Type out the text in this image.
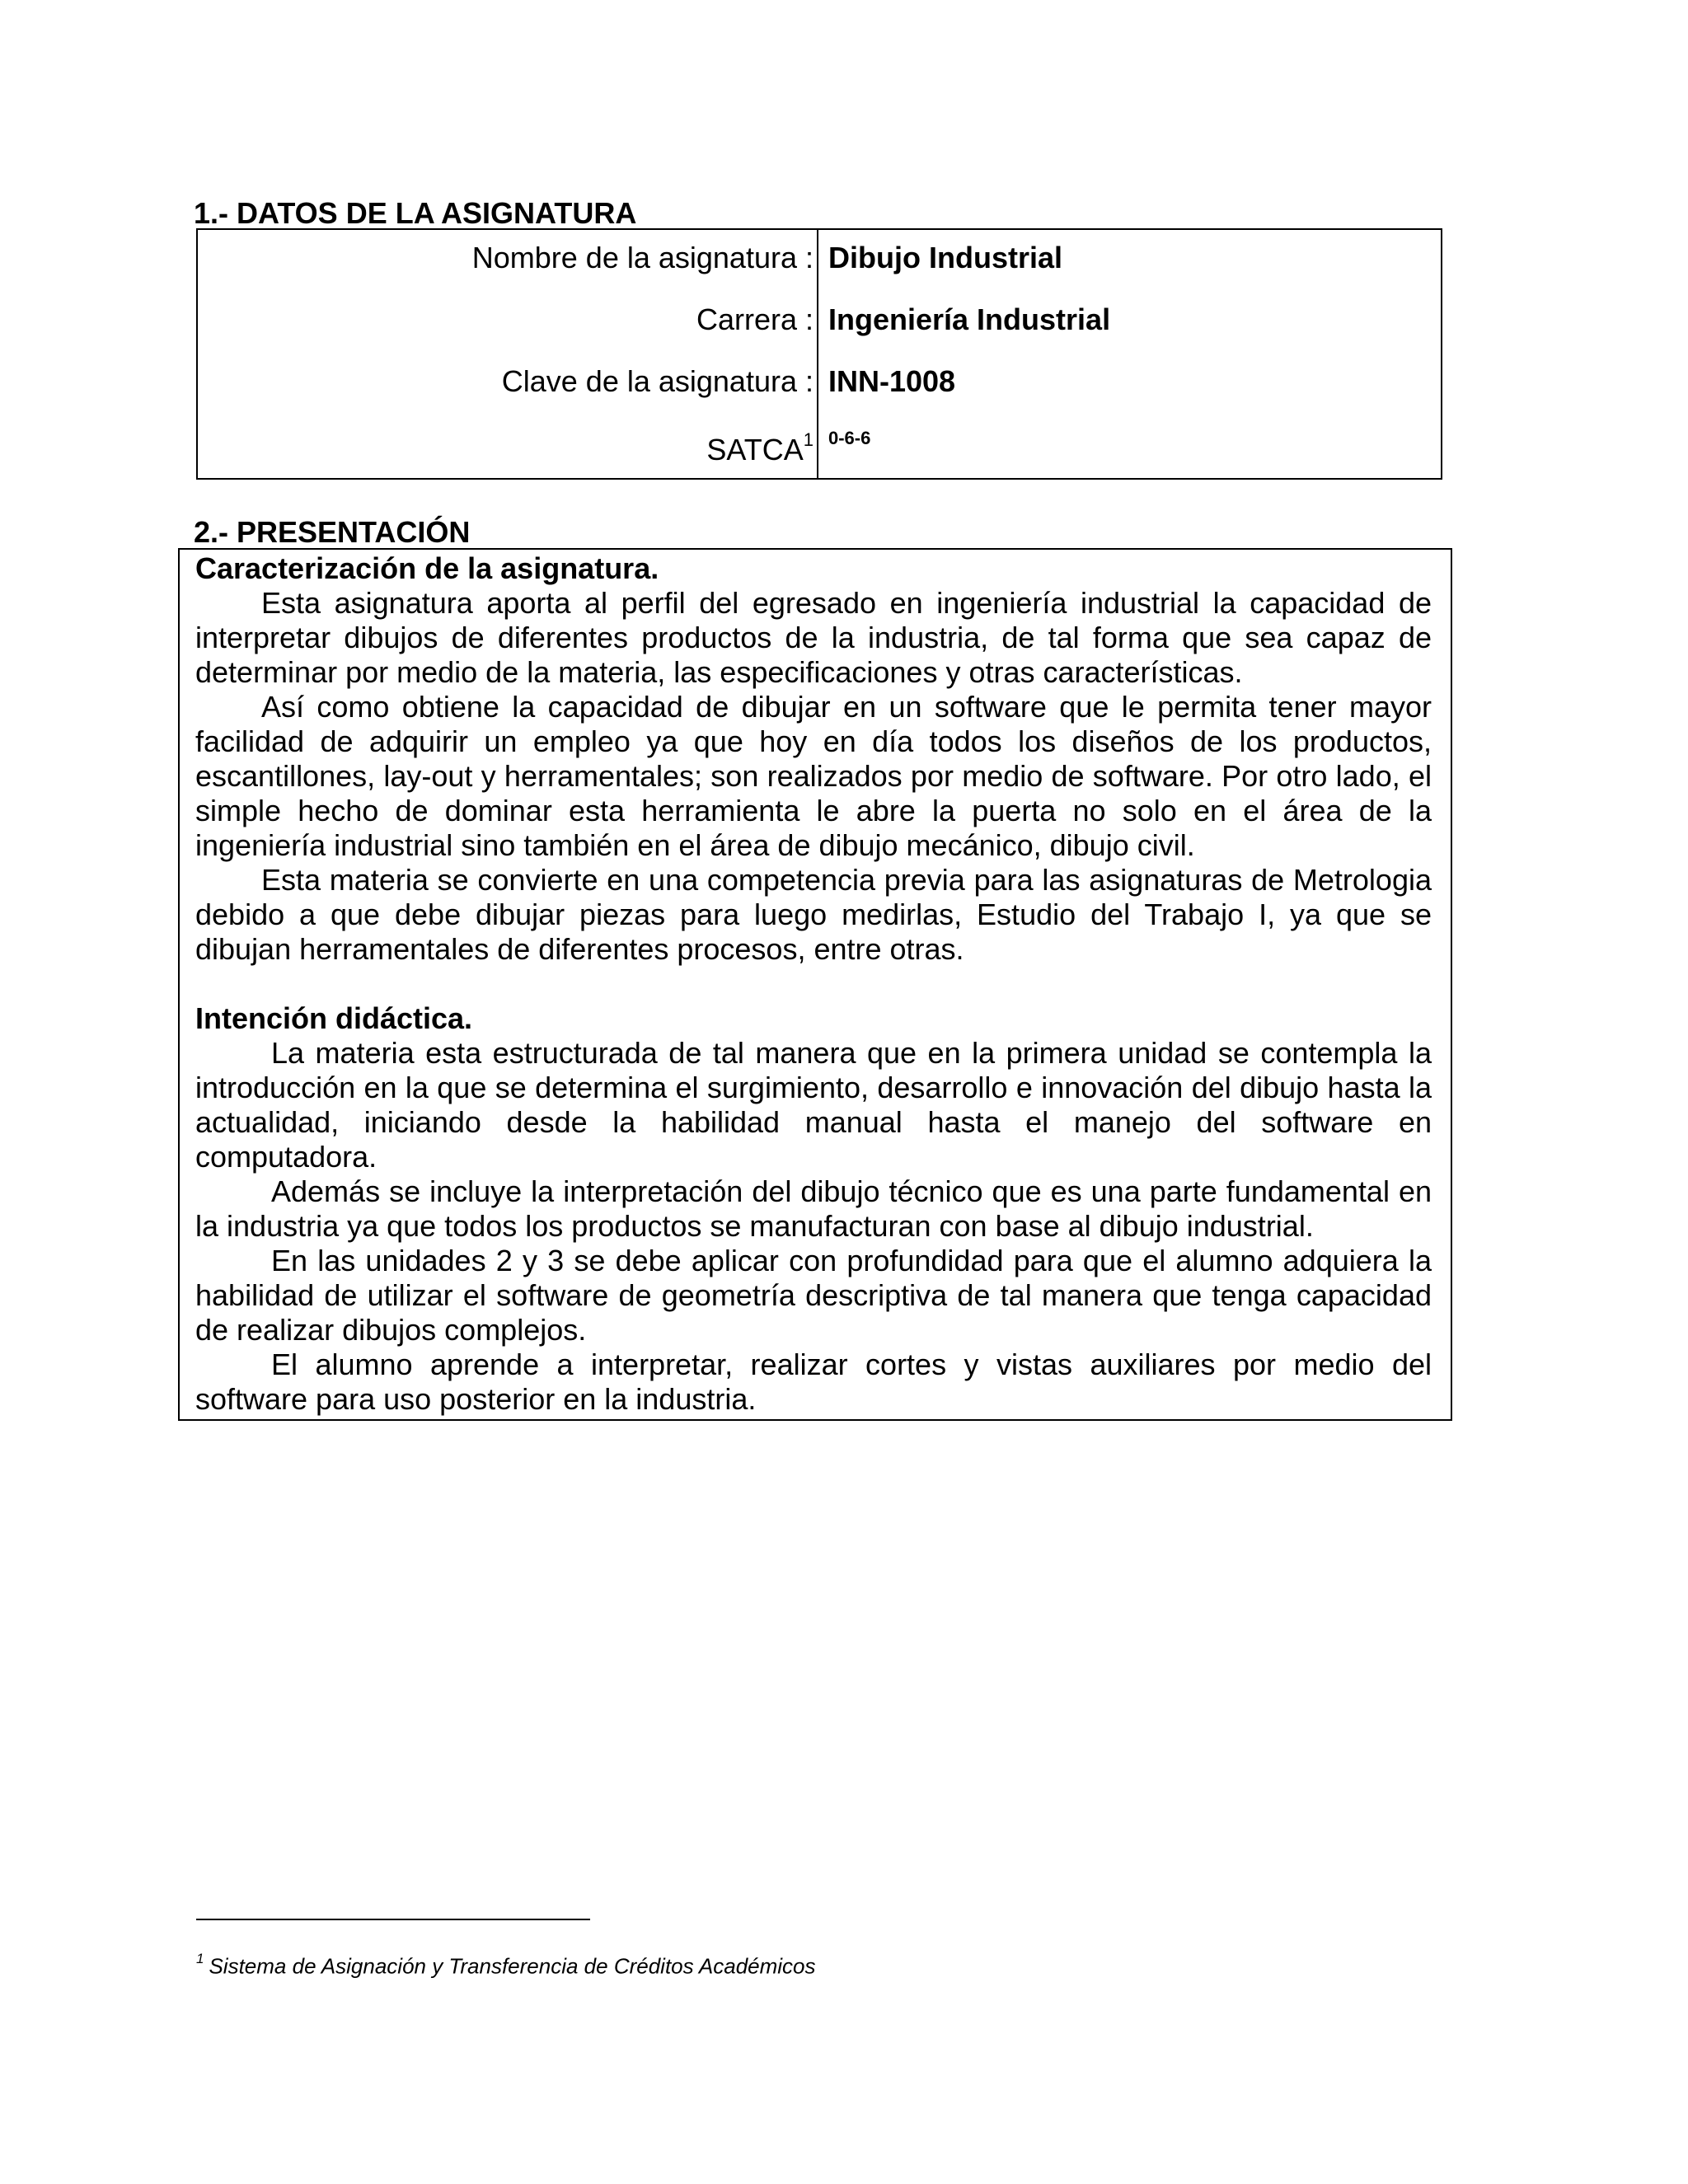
1.- DATOS DE LA ASIGNATURA
Nombre de la asignatura : Dibujo Industrial
Carrera : Ingeniería Industrial
Clave de la asignatura : INN-1008
SATCA$^1$ 0-6-6
2.- PRESENTACIÓN

Caracterización de la asignatura.

Esta asignatura aporta al perfil del egresado en ingeniería industrial la capacidad de interpretar dibujos de diferentes productos de la industria, de tal forma que sea capaz de determinar por medio de la materia, las especificaciones y otras características.

Así como obtiene la capacidad de dibujar en un software que le permita tener mayor facilidad de adquirir un empleo ya que hoy en día todos los diseños de los productos, escantillones, lay-out y herramentales; son realizados por medio de software. Por otro lado, el simple hecho de dominar esta herramienta le abre la puerta no solo en el área de la ingeniería industrial sino también en el área de dibujo mecánico, dibujo civil.

Esta materia se convierte en una competencia previa para las asignaturas de Metrologia debido a que debe dibujar piezas para luego medirlas, Estudio del Trabajo I, ya que se dibujan herramentales de diferentes procesos, entre otras.

Intención didáctica.

La materia esta estructurada de tal manera que en la primera unidad se contempla la introducción en la que se determina el surgimiento, desarrollo e innovación del dibujo hasta la actualidad, iniciando desde la habilidad manual hasta el manejo del software en computadora.

Además se incluye la interpretación del dibujo técnico que es una parte fundamental en la industria ya que todos los productos se manufacturan con base al dibujo industrial.

En las unidades 2 y 3 se debe aplicar con profundidad para que el alumno adquiera la habilidad de utilizar el software de geometría descriptiva de tal manera que tenga capacidad de realizar dibujos complejos.

El alumno aprende a interpretar, realizar cortes y vistas auxiliares por medio del software para uso posterior en la industria.

$^1$ Sistema de Asignación y Transferencia de Créditos Académicos
